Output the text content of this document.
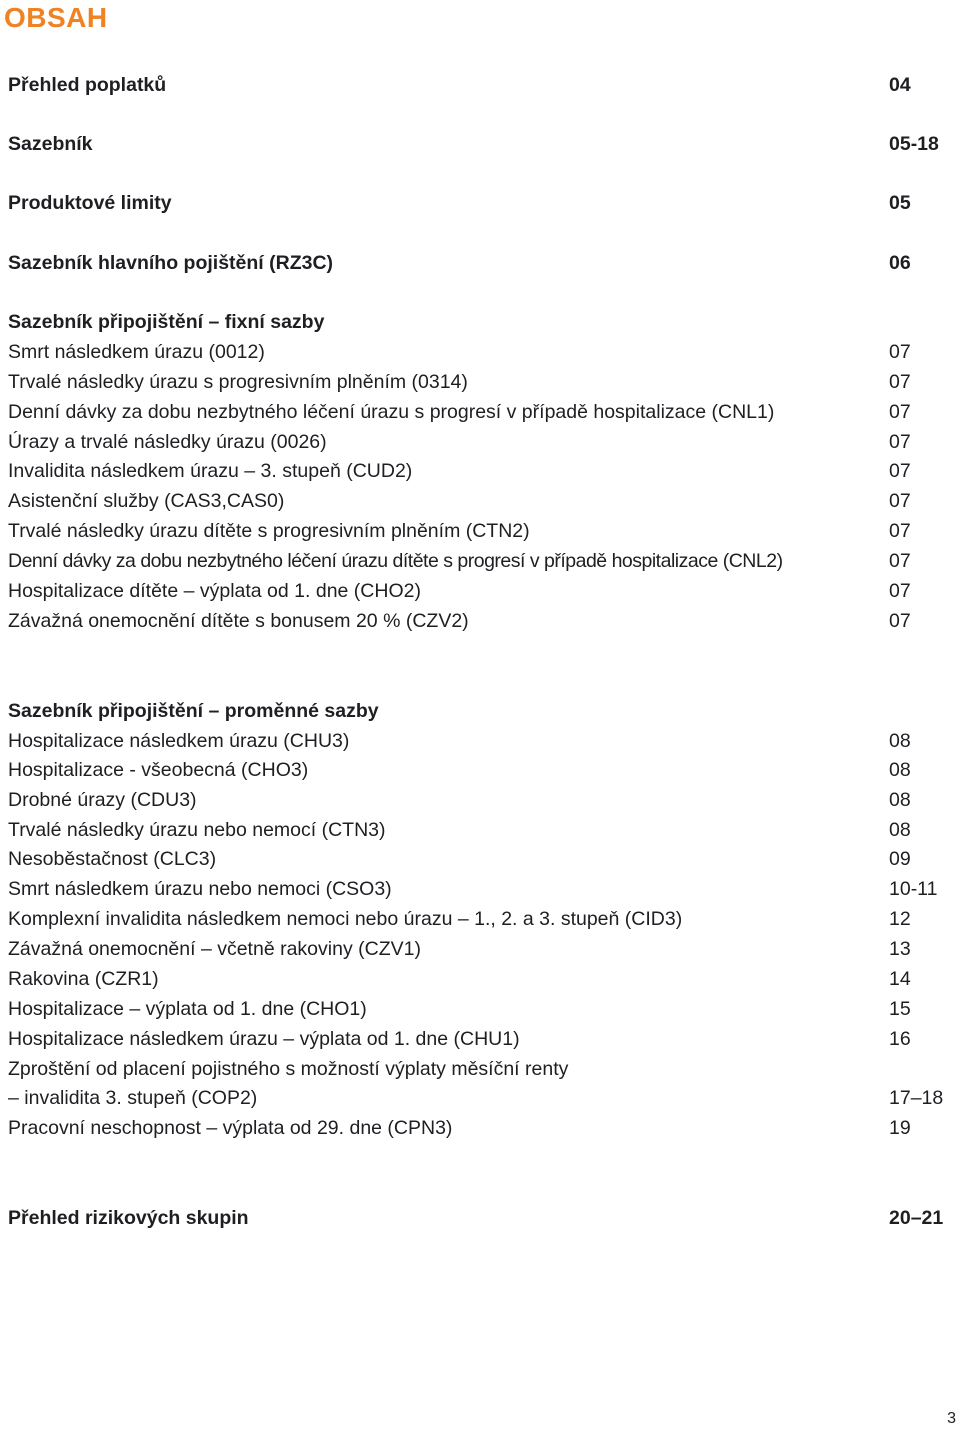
OBSAH
Přehled poplatků	04
Sazebník	05-18
Produktové limity	05
Sazebník hlavního pojištění (RZ3C)	06
Sazebník připojištění – fixní sazby
Smrt následkem úrazu (0012)	07
Trvalé následky úrazu s progresivním plněním (0314)	07
Denní dávky za dobu nezbytného léčení úrazu s progresí v případě hospitalizace (CNL1)	07
Úrazy a trvalé následky úrazu (0026)	07
Invalidita následkem úrazu – 3. stupeň (CUD2)	07
Asistenční služby (CAS3,CAS0)	07
Trvalé následky úrazu dítěte s progresivním plněním (CTN2)	07
Denní dávky za dobu nezbytného léčení úrazu dítěte s progresí v případě hospitalizace (CNL2)	07
Hospitalizace dítěte – výplata od 1. dne (CHO2)	07
Závažná onemocnění dítěte s bonusem 20 % (CZV2)	07
Sazebník připojištění – proměnné sazby
Hospitalizace následkem úrazu (CHU3)	08
Hospitalizace - všeobecná (CHO3)	08
Drobné úrazy (CDU3)	08
Trvalé následky úrazu nebo nemocí (CTN3)	08
Nesoběstačnost (CLC3)	09
Smrt následkem úrazu nebo nemoci (CSO3)	10-11
Komplexní invalidita následkem nemoci nebo úrazu – 1., 2. a 3. stupeň (CID3)	12
Závažná onemocnění – včetně rakoviny (CZV1)	13
Rakovina (CZR1)	14
Hospitalizace – výplata od 1. dne (CHO1)	15
Hospitalizace následkem úrazu – výplata od 1. dne (CHU1)	16
Zproštění od placení pojistného s možností výplaty měsíční renty
– invalidita 3. stupeň (COP2)	17–18
Pracovní neschopnost – výplata od 29. dne (CPN3)	19
Přehled rizikových skupin	20–21
3
